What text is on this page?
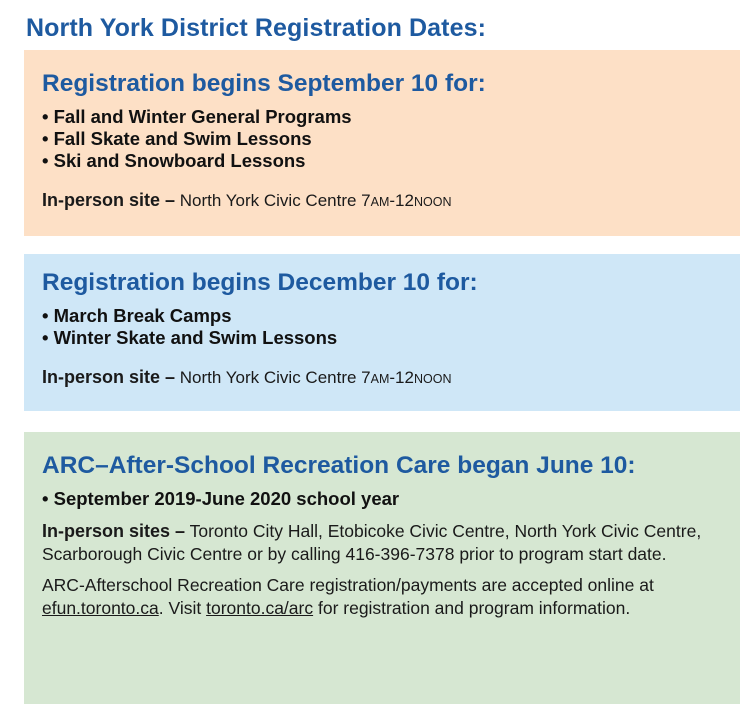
North York District Registration Dates:
Registration begins September 10 for:
• Fall and Winter General Programs
• Fall Skate and Swim Lessons
• Ski and Snowboard Lessons
In-person site – North York Civic Centre 7AM-12NOON
Registration begins December 10 for:
• March Break Camps
• Winter Skate and Swim Lessons
In-person site – North York Civic Centre 7AM-12NOON
ARC–After-School Recreation Care began June 10:
• September 2019-June 2020 school year
In-person sites – Toronto City Hall, Etobicoke Civic Centre, North York Civic Centre, Scarborough Civic Centre or by calling 416-396-7378 prior to program start date.
ARC-Afterschool Recreation Care registration/payments are accepted online at efun.toronto.ca. Visit toronto.ca/arc for registration and program information.
